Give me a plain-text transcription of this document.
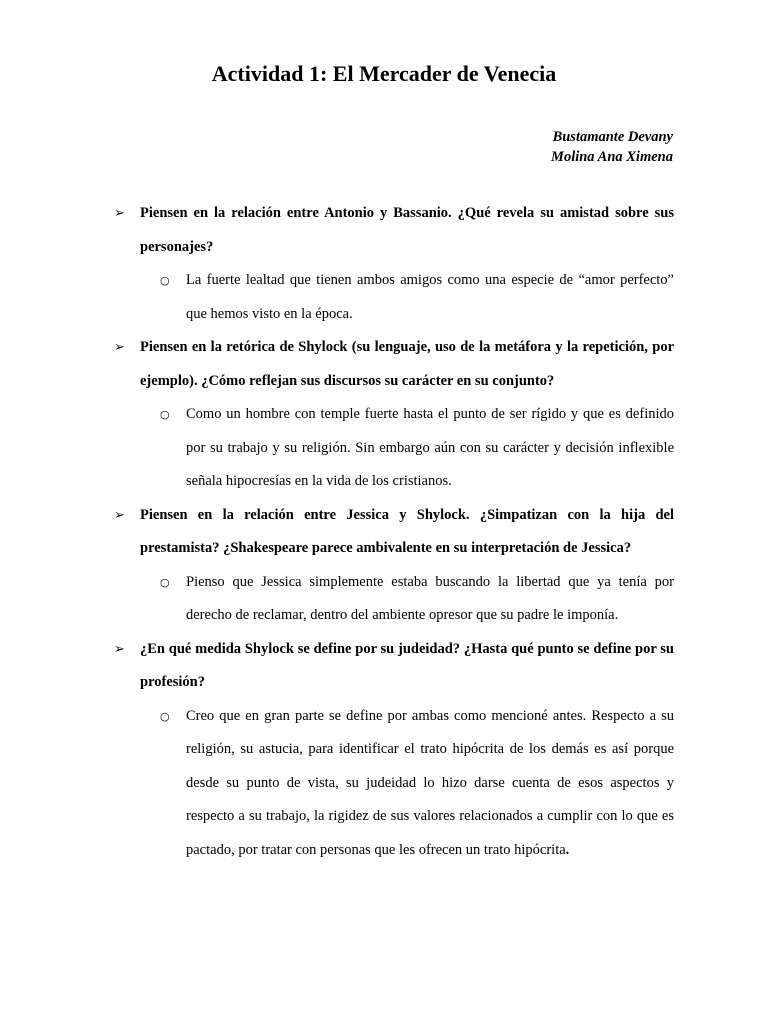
Actividad 1: El Mercader de Venecia
Bustamante Devany
Molina Ana Ximena
➢ Piensen en la relación entre Antonio y Bassanio. ¿Qué revela su amistad sobre sus personajes?
○ La fuerte lealtad que tienen ambos amigos como una especie de “amor perfecto” que hemos visto en la época.
➢ Piensen en la retórica de Shylock (su lenguaje, uso de la metáfora y la repetición, por ejemplo). ¿Cómo reflejan sus discursos su carácter en su conjunto?
○ Como un hombre con temple fuerte hasta el punto de ser rígido y que es definido por su trabajo y su religión. Sin embargo aún con su carácter y decisión inflexible señala hipocresías en la vida de los cristianos.
➢ Piensen en la relación entre Jessica y Shylock. ¿Simpatizan con la hija del prestamista? ¿Shakespeare parece ambivalente en su interpretación de Jessica?
○ Pienso que Jessica simplemente estaba buscando la libertad que ya tenía por derecho de reclamar, dentro del ambiente opresor que su padre le imponía.
➢ ¿En qué medida Shylock se define por su judeidad? ¿Hasta qué punto se define por su profesión?
○ Creo que en gran parte se define por ambas como mencioné antes. Respecto a su religión, su astucia, para identificar el trato hipócrita de los demás es así porque desde su punto de vista, su judeidad lo hizo darse cuenta de esos aspectos y respecto a su trabajo, la rigidez de sus valores relacionados a cumplir con lo que es pactado, por tratar con personas que les ofrecen un trato hipócrita.
